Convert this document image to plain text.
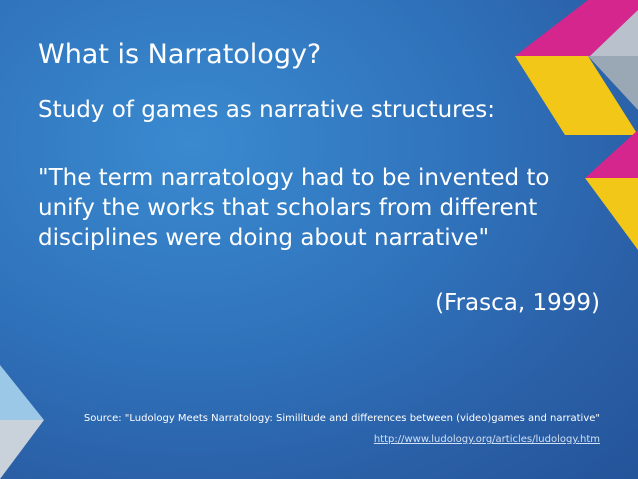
What is Narratology?

Study of games as narrative structures:

"The term narratology had to be invented to
unify the works that scholars from different
disciplines were doing about narrative"

(Frasca, 1999)

Source: "Ludology Meets Narratology: Similitude and differences between (video)games and narrative"
http://www.ludology.org/articles/ludology.htm
